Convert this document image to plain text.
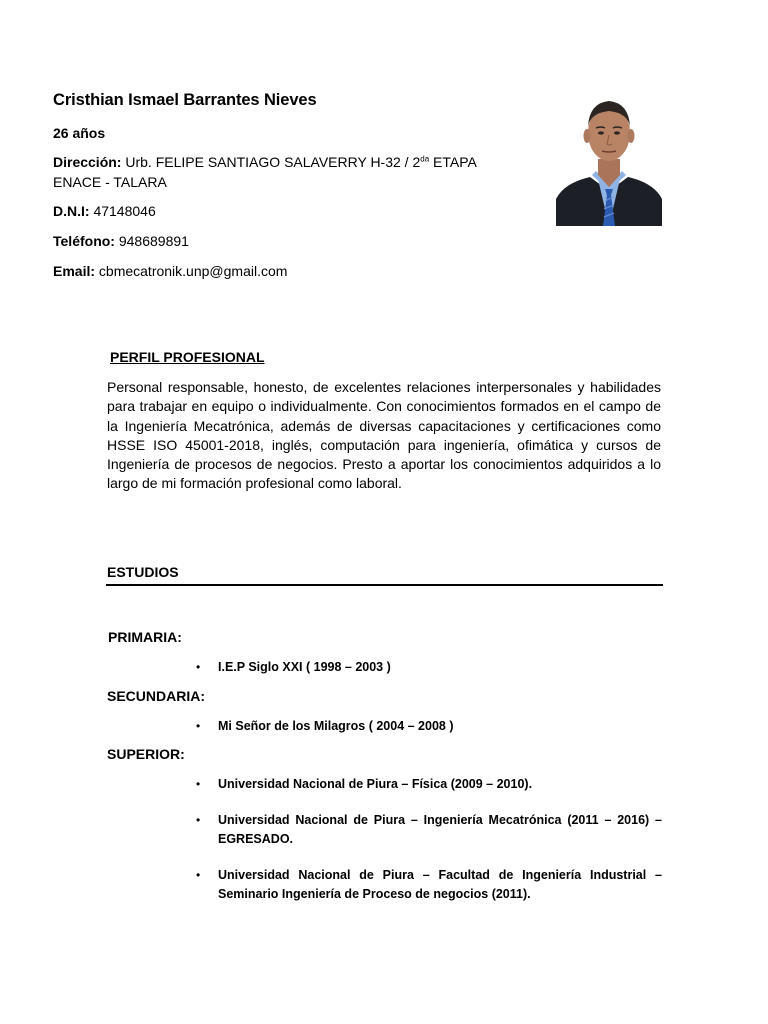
Cristhian Ismael Barrantes Nieves
26 años
Dirección: Urb. FELIPE SANTIAGO SALAVERRY $H-32 / 2^{da}$ ETAPA ENACE - TALARA
D.N.I: 47148046
Teléfono: 948689891
Email: cbmecatronik.unp@gmail.com
PERFIL PROFESIONAL
Personal responsable, honesto, de excelentes relaciones interpersonales y habilidades para trabajar en equipo o individualmente. Con conocimientos formados en el campo de la Ingeniería Mecatrónica, además de diversas capacitaciones y certificaciones como HSSE ISO 45001-2018, inglés, computación para ingeniería, ofimática y cursos de Ingeniería de procesos de negocios. Presto a aportar los conocimientos adquiridos a lo largo de mi formación profesional como laboral.
ESTUDIOS
PRIMARIA:
• I.E.P Siglo XXI ( 1998 – 2003 )
SECUNDARIA:
• Mi Señor de los Milagros ( 2004 – 2008 )
SUPERIOR:
• Universidad Nacional de Piura – Física (2009 – 2010).
• Universidad Nacional de Piura – Ingeniería Mecatrónica (2011 – 2016) – EGRESADO.
• Universidad Nacional de Piura – Facultad de Ingeniería Industrial – Seminario Ingeniería de Proceso de negocios (2011).
